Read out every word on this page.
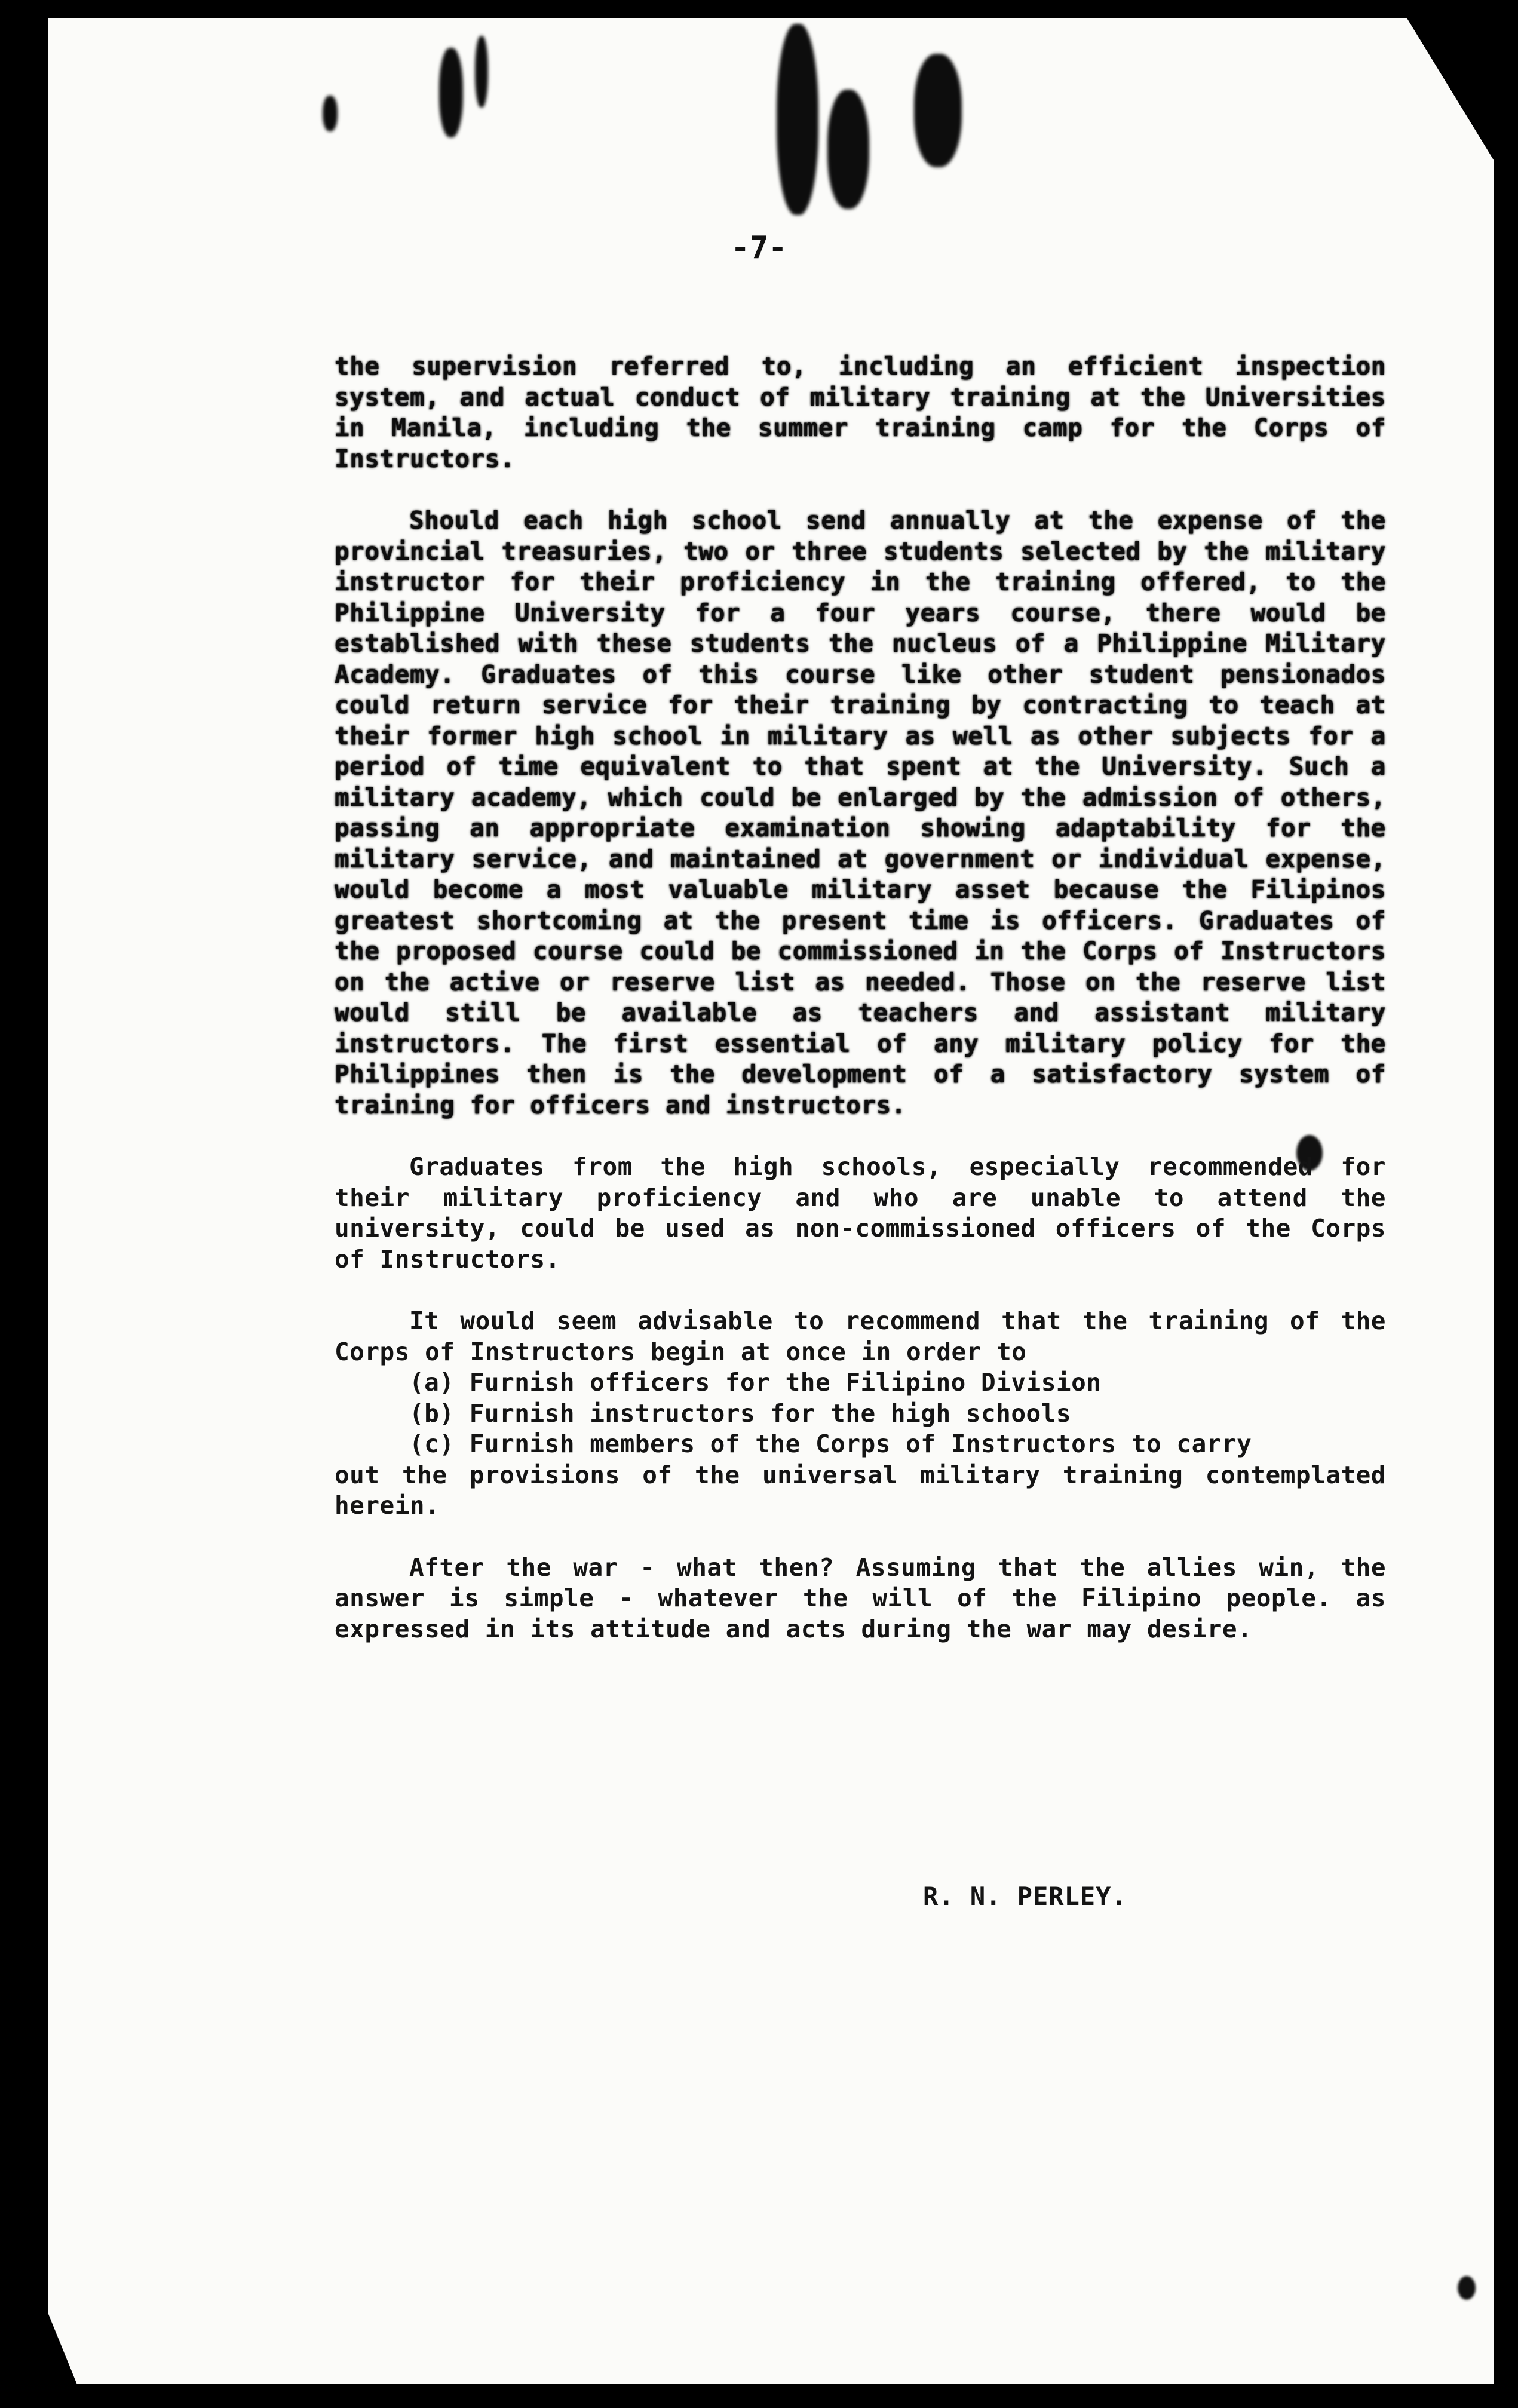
-7-

the supervision referred to, including an efficient inspection system, and actual conduct of military training at the Universities in Manila, including the summer training camp for the Corps of Instructors.

Should each high school send annually at the expense of the provincial treasuries, two or three students selected by the military instructor for their proficiency in the training offered, to the Philippine University for a four years course, there would be established with these students the nucleus of a Philippine Military Academy. Graduates of this course like other student pensionados could return service for their training by contracting to teach at their former high school in military as well as other subjects for a period of time equivalent to that spent at the University. Such a military academy, which could be enlarged by the admission of others, passing an appropriate examination showing adaptability for the military service, and maintained at government or individual expense, would become a most valuable military asset because the Filipinos greatest shortcoming at the present time is officers. Graduates of the proposed course could be commissioned in the Corps of Instructors on the active or reserve list as needed. Those on the reserve list would still be available as teachers and assistant military instructors. The first essential of any military policy for the Philippines then is the development of a satisfactory system of training for officers and instructors.

Graduates from the high schools, especially recommended for their military proficiency and who are unable to attend the university, could be used as non-commissioned officers of the Corps of Instructors.

It would seem advisable to recommend that the training of the Corps of Instructors begin at once in order to

(a) Furnish officers for the Filipino Division
(b) Furnish instructors for the high schools
(c) Furnish members of the Corps of Instructors to carry

out the provisions of the universal military training contemplated herein.

After the war - what then? Assuming that the allies win, the answer is simple - whatever the will of the Filipino people. as expressed in its attitude and acts during the war may desire.

R. N. PERLEY.
